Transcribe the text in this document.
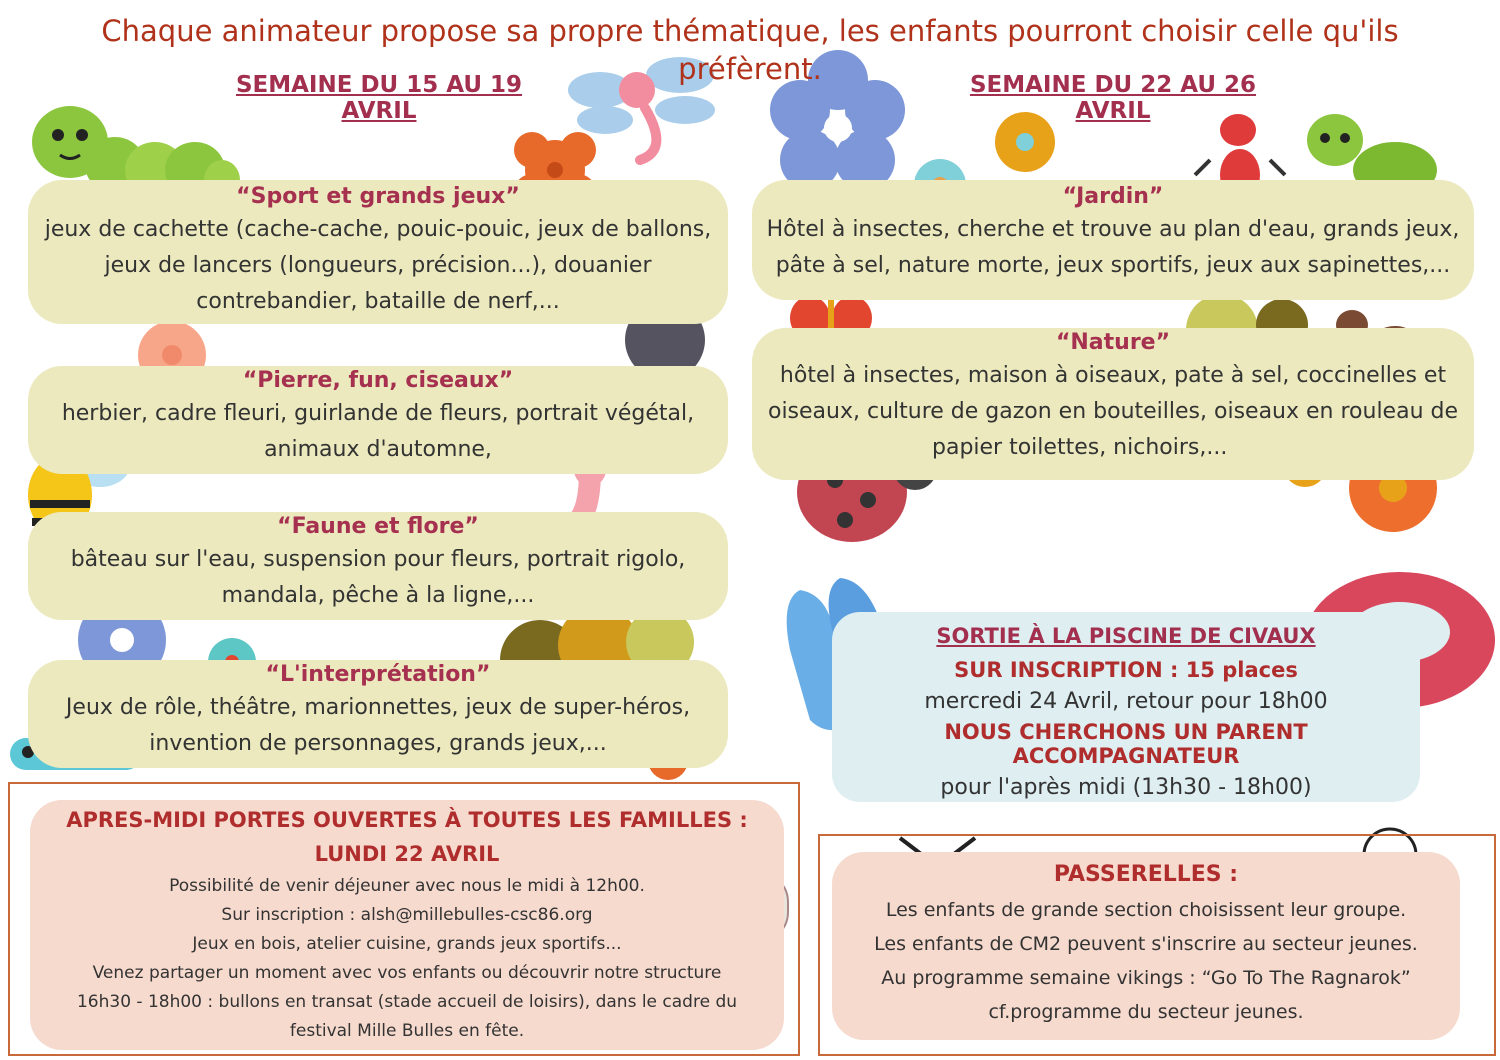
Chaque animateur propose sa propre thématique, les enfants pourront choisir celle qu'ils
préfèrent.
SEMAINE DU 15 AU 19 AVRIL
SEMAINE DU 22 AU 26 AVRIL
“Sport et grands jeux”
jeux de cachette (cache-cache, pouic-pouic, jeux de ballons,
jeux de lancers (longueurs, précision...), douanier
contrebandier, bataille de nerf,...
“Pierre, fun, ciseaux”
herbier, cadre fleuri, guirlande de fleurs, portrait végétal,
animaux d'automne,
“Faune et flore”
bâteau sur l'eau, suspension pour fleurs, portrait rigolo,
mandala, pêche à la ligne,...
“L'interprétation”
Jeux de rôle, théâtre, marionnettes, jeux de super-héros,
invention de personnages, grands jeux,...
“Jardin”
Hôtel à insectes, cherche et trouve au plan d'eau, grands jeux,
pâte à sel, nature morte, jeux sportifs, jeux aux sapinettes,...
“Nature”
hôtel à insectes, maison à oiseaux, pate à sel, coccinelles et
oiseaux, culture de gazon en bouteilles, oiseaux en rouleau de
papier toilettes, nichoirs,...
SORTIE À LA PISCINE DE CIVAUX
SUR INSCRIPTION : 15 places
mercredi 24 Avril, retour pour 18h00
NOUS CHERCHONS UN PARENT ACCOMPAGNATEUR
pour l'après midi (13h30 - 18h00)
APRES-MIDI PORTES OUVERTES À TOUTES LES FAMILLES :
LUNDI 22 AVRIL
Possibilité de venir déjeuner avec nous le midi à 12h00.
Sur inscription : alsh@millebulles-csc86.org
Jeux en bois, atelier cuisine, grands jeux sportifs...
Venez partager un moment avec vos enfants ou découvrir notre structure
16h30 - 18h00 : bullons en transat (stade accueil de loisirs), dans le cadre du
festival Mille Bulles en fête.
PASSERELLES :
Les enfants de grande section choisissent leur groupe.
Les enfants de CM2 peuvent s'inscrire au secteur jeunes.
Au programme semaine vikings : “Go To The Ragnarok”
cf.programme du secteur jeunes.
